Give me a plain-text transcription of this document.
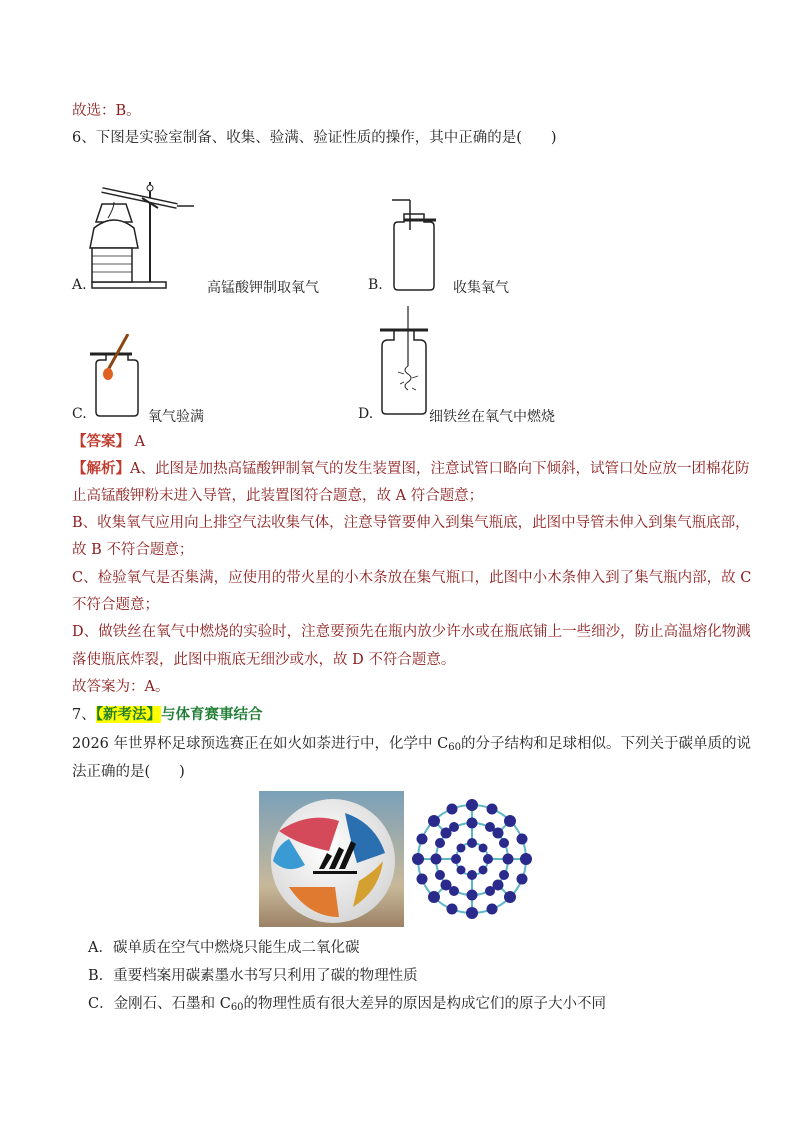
故选：B。
6、下图是实验室制备、收集、验满、验证性质的操作，其中正确的是(　　)
A.	高锰酸钾制取氧气	B.	收集氧气
C.	氧气验满	D.	细铁丝在氧气中燃烧
【答案】 A
【解析】A、此图是加热高锰酸钾制氧气的发生装置图，注意试管口略向下倾斜，试管口处应放一团棉花防
止高锰酸钾粉末进入导管，此装置图符合题意，故 A 符合题意；
B、收集氧气应用向上排空气法收集气体，注意导管要伸入到集气瓶底，此图中导管未伸入到集气瓶底部，
故 B 不符合题意；
C、检验氧气是否集满，应使用的带火星的小木条放在集气瓶口，此图中小木条伸入到了集气瓶内部，故 C
不符合题意；
D、做铁丝在氧气中燃烧的实验时，注意要预先在瓶内放少许水或在瓶底铺上一些细沙，防止高温熔化物溅
落使瓶底炸裂，此图中瓶底无细沙或水，故 D 不符合题意。
故答案为：A。
7、【新考法】与体育赛事结合
2026 年世界杯足球预选赛正在如火如荼进行中，化学中 $C_{60}$的分子结构和足球相似。下列关于碳单质的说
法正确的是(　　)
A．碳单质在空气中燃烧只能生成二氧化碳
B．重要档案用碳素墨水书写只利用了碳的物理性质
C．金刚石、石墨和 $C_{60}$的物理性质有很大差异的原因是构成它们的原子大小不同
